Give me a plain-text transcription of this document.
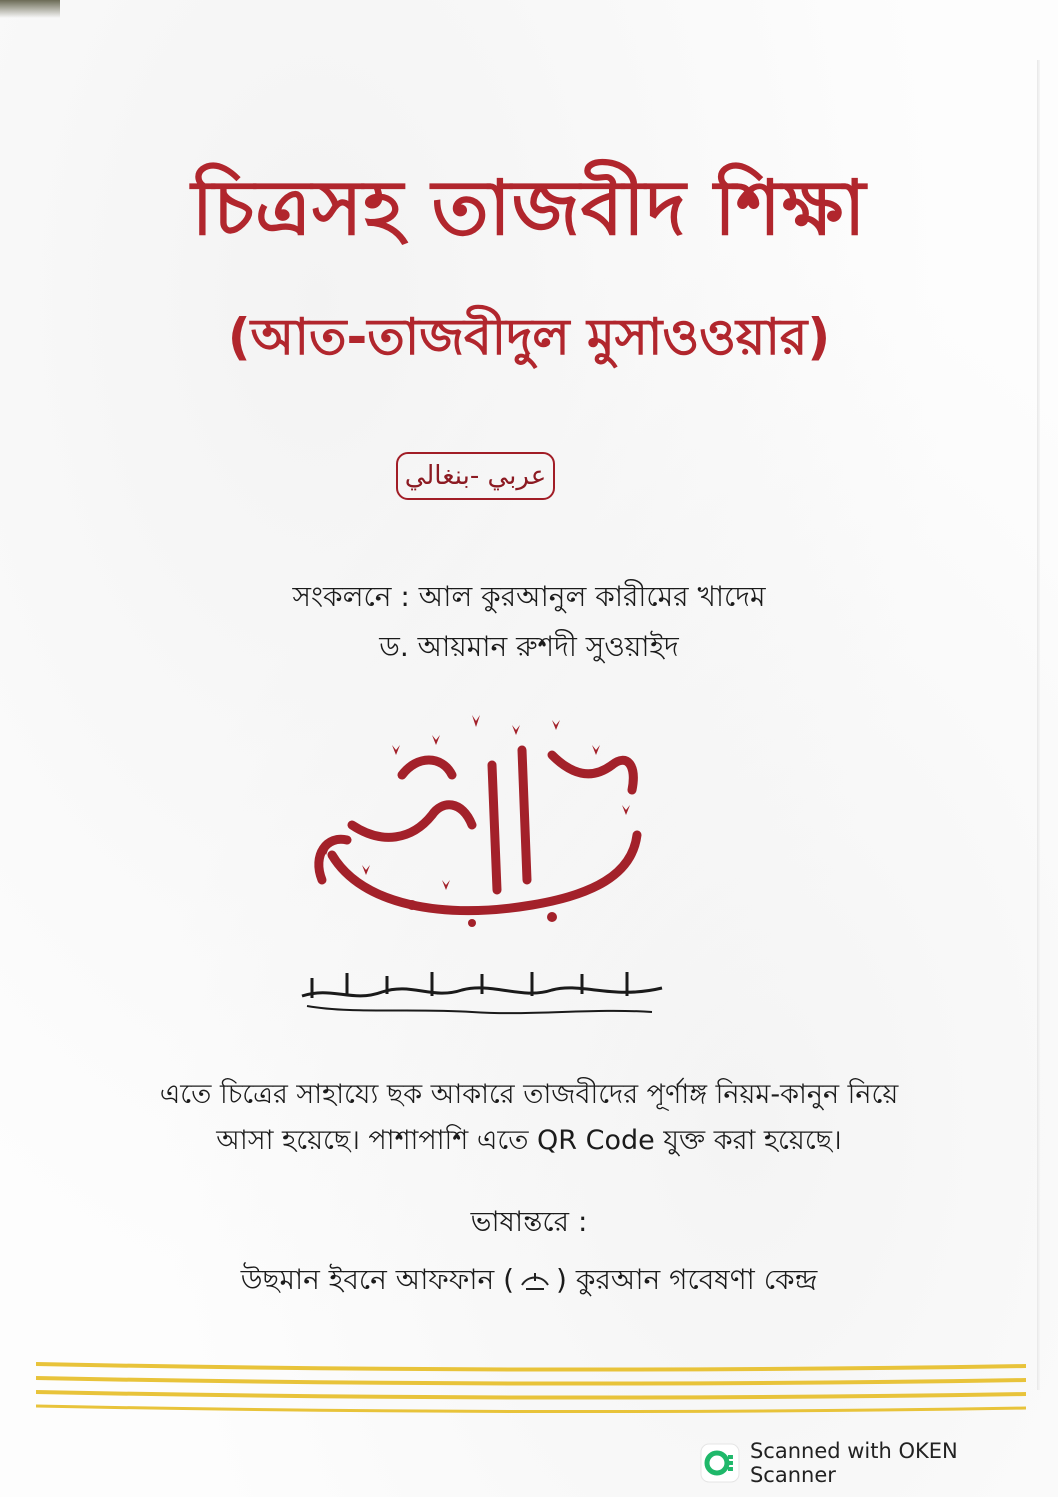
চিত্রসহ তাজবীদ শিক্ষা
(আত-তাজবীদুল মুসাওওয়ার)
عربي -بنغالي
সংকলনে : আল কুরআনুল কারীমের খাদেম
ড. আয়মান রুশদী সুওয়াইদ
এতে চিত্রের সাহায্যে ছক আকারে তাজবীদের পূর্ণাঙ্গ নিয়ম-কানুন নিয়ে
আসা হয়েছে। পাশাপাশি এতে QR Code যুক্ত করা হয়েছে।
ভাষান্তরে :
উছমান ইবনে আফফান ( ) কুরআন গবেষণা কেন্দ্র
Scanned with OKEN Scanner
